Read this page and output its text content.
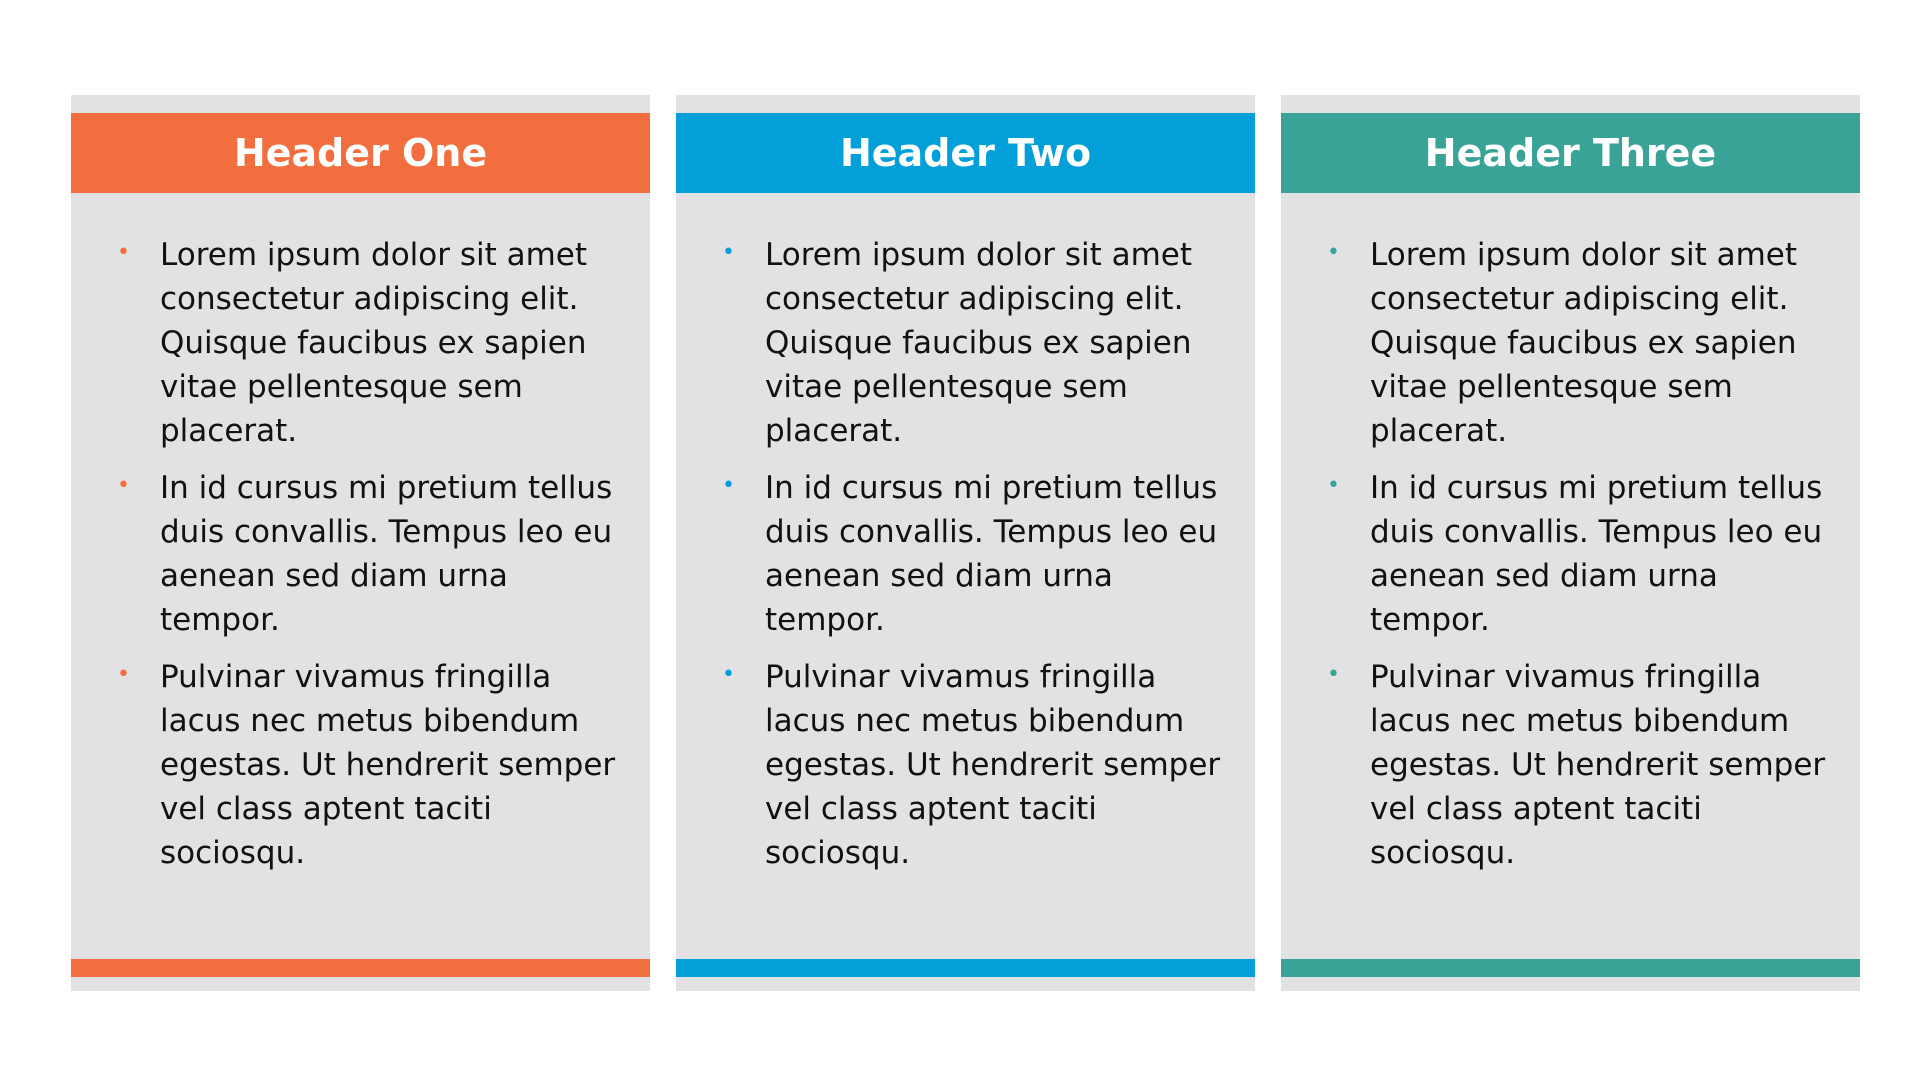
Header One
• Lorem ipsum dolor sit amet consectetur adipiscing elit. Quisque faucibus ex sapien vitae pellentesque sem placerat.
• In id cursus mi pretium tellus duis convallis. Tempus leo eu aenean sed diam urna tempor.
• Pulvinar vivamus fringilla lacus nec metus bibendum egestas. Ut hendrerit semper vel class aptent taciti sociosqu.
Header Two
• Lorem ipsum dolor sit amet consectetur adipiscing elit. Quisque faucibus ex sapien vitae pellentesque sem placerat.
• In id cursus mi pretium tellus duis convallis. Tempus leo eu aenean sed diam urna tempor.
• Pulvinar vivamus fringilla lacus nec metus bibendum egestas. Ut hendrerit semper vel class aptent taciti sociosqu.
Header Three
• Lorem ipsum dolor sit amet consectetur adipiscing elit. Quisque faucibus ex sapien vitae pellentesque sem placerat.
• In id cursus mi pretium tellus duis convallis. Tempus leo eu aenean sed diam urna tempor.
• Pulvinar vivamus fringilla lacus nec metus bibendum egestas. Ut hendrerit semper vel class aptent taciti sociosqu.
